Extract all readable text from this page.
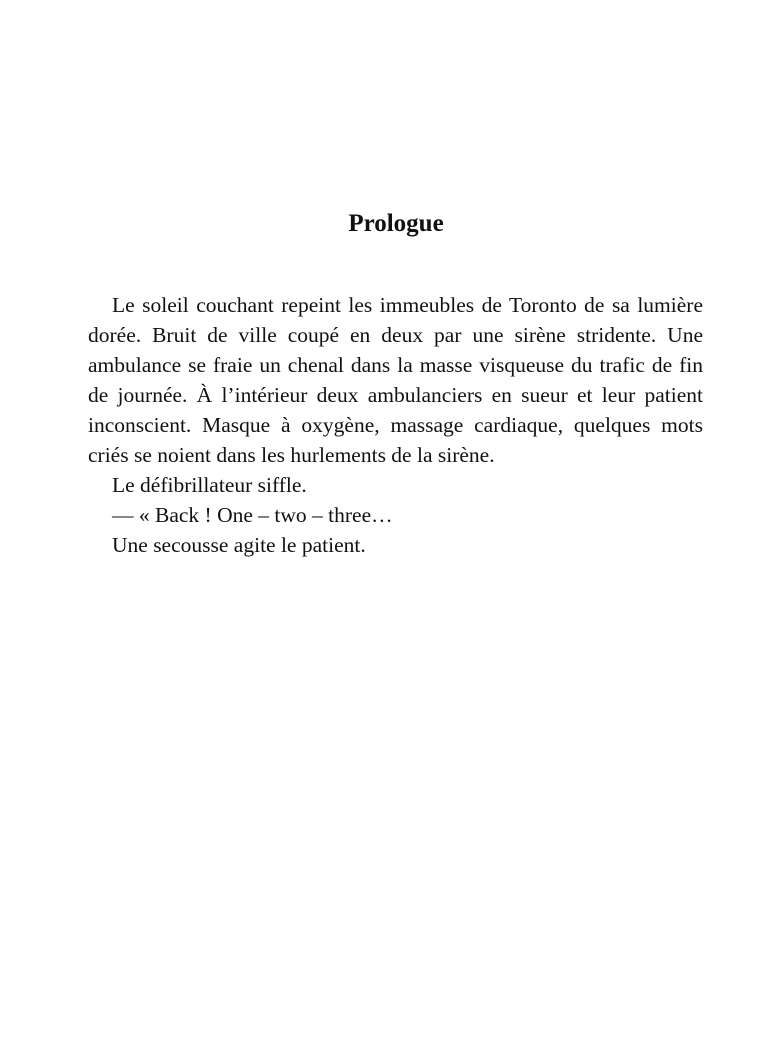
Prologue

Le soleil couchant repeint les immeubles de Toronto de sa lumière dorée. Bruit de ville coupé en deux par une sirène stridente. Une ambulance se fraie un chenal dans la masse visqueuse du trafic de fin de journée. À l’intérieur deux ambulanciers en sueur et leur patient inconscient. Masque à oxygène, massage cardiaque, quelques mots criés se noient dans les hurlements de la sirène.

Le défibrillateur siffle.

— « Back ! One – two – three…

Une secousse agite le patient.
